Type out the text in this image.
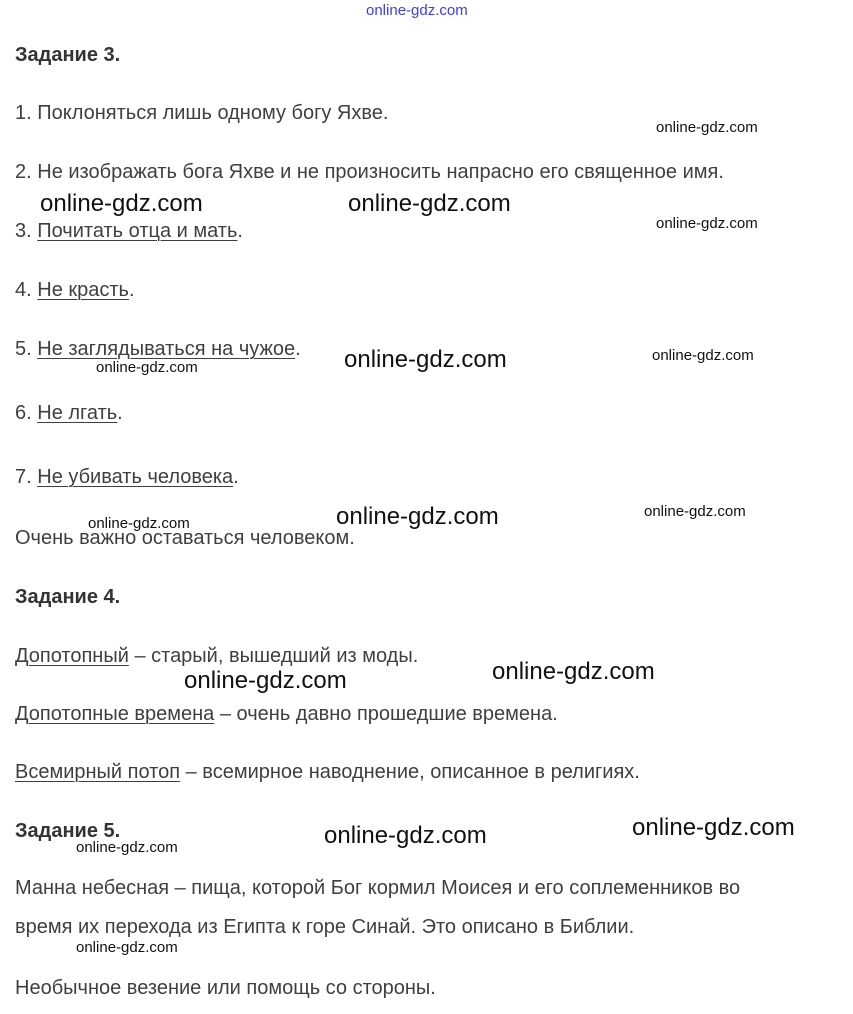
online-gdz.com
Задание 3.
1. Поклоняться лишь одному богу Яхве.
2. Не изображать бога Яхве и не произносить напрасно его священное имя.
3. Почитать отца и мать.
4. Не красть.
5. Не заглядываться на чужое.
6. Не лгать.
7. Не убивать человека.
Очень важно оставаться человеком.
Задание 4.
Допотопный – старый, вышедший из моды.
Допотопные времена – очень давно прошедшие времена.
Всемирный потоп – всемирное наводнение, описанное в религиях.
Задание 5.
Манна небесная – пища, которой Бог кормил Моисея и его соплеменников во
время их перехода из Египта к горе Синай. Это описано в Библии.
Необычное везение или помощь со стороны.
online-gdz.com
online-gdz.com	online-gdz.com
online-gdz.com
online-gdz.com	online-gdz.com
online-gdz.com
online-gdz.com
online-gdz.com
online-gdz.com
online-gdz.com
online-gdz.com
online-gdz.com
online-gdz.com
online-gdz.com
online-gdz.com
